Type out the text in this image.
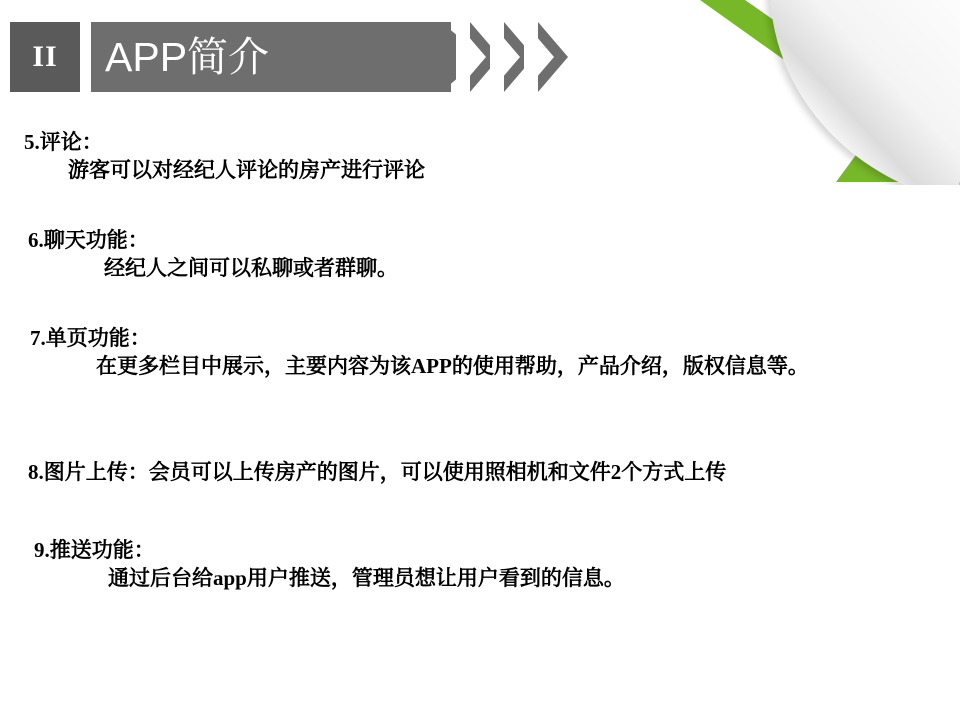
II	APP简介
5.评论：
游客可以对经纪人评论的房产进行评论
6.聊天功能：
经纪人之间可以私聊或者群聊。
7.单页功能：
在更多栏目中展示，主要内容为该APP的使用帮助，产品介绍，版权信息等。
8.图片上传：会员可以上传房产的图片，可以使用照相机和文件2个方式上传
9.推送功能：
通过后台给app用户推送，管理员想让用户看到的信息。
